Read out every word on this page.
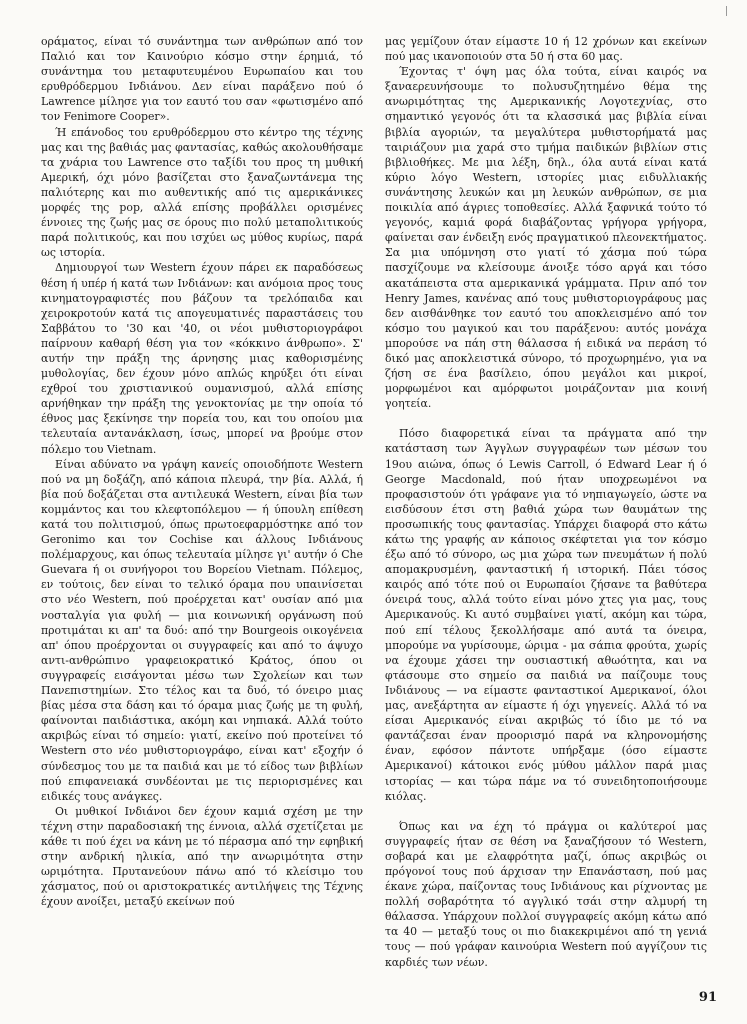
οράματος, είναι τό συνάντημα των ανθρώπων από τον Παλιό και τον Καινούριο κόσμο στην έρημιά, τό συνάντημα του μεταφυτευμένου Ευρωπαίου και του ερυθρόδερμου Ινδιάνου. Δεν είναι παράξενο πού ό Lawrence μίλησε για τον εαυτό του σαν «φωτισμένο από τον Fenimore Cooper».

Ή επάνοδος του ερυθρόδερμου στο κέντρο της τέχνης μας και της βαθιάς μας φαντασίας, καθώς ακολουθήσαμε τα χνάρια του Lawrence στο ταξίδι του προς τη μυθική Αμερική, όχι μόνο βασίζεται στο ξαναζωντάνεμα της παλιότερης και πιο αυθεντικής από τις αμερικάνικες μορφές της pop, αλλά επίσης προβάλλει ορισμένες έννοιες της ζωής μας σε όρους πιο πολύ μεταπολιτικούς παρά πολιτικούς, και που ισχύει ως μύθος κυρίως, παρά ως ιστορία.

Δημιουργοί των Western έχουν πάρει εκ παραδόσεως θέση ή υπέρ ή κατά των Ινδιάνων: και ανόμοια προς τους κινηματογραφιστές που βάζουν τα τρελόπαιδα και χειροκροτούν κατά τις απογευματινές παραστάσεις του Σαββάτου το '30 και '40, οι νέοι μυθιστοριογράφοι παίρνουν καθαρή θέση για τον «κόκκινο άνθρωπο». Σ' αυτήν την πράξη της άρνησης μιας καθορισμένης μυθολογίας, δεν έχουν μόνο απλώς κηρύξει ότι είναι εχθροί του χριστιανικού ουμανισμού, αλλά επίσης αρνήθηκαν την πράξη της γενοκτονίας με την οποία τό έθνος μας ξεκίνησε την πορεία του, και του οποίου μια τελευταία αντανάκλαση, ίσως, μπορεί να βρούμε στον πόλεμο του Vietnam.

Είναι αδύνατο να γράψη κανείς οποιοδήποτε Western πού να μη δοξάζη, από κάποια πλευρά, την βία. Αλλά, ή βία πού δοξάζεται στα αντιλευκά Western, είναι βία των κομμάντος και του κλεφτοπόλεμου — ή ύπουλη επίθεση κατά του πολιτισμού, όπως πρωτοεφαρμόστηκε από τον Geronimo και τον Cochise και άλλους Ινδιάνους πολέμαρχους, και όπως τελευταία μίλησε γι' αυτήν ό Che Guevara ή οι συνήγοροι του Βορείου Vietnam. Πόλεμος, εν τούτοις, δεν είναι το τελικό όραμα που υπαινίσεται στο νέο Western, πού προέρχεται κατ' ουσίαν από μια νοσταλγία για φυλή — μια κοινωνική οργάνωση πού προτιμάται κι απ' τα δυό: από την Bourgeois οικογένεια απ' όπου προέρχονται οι συγγραφείς και από το άψυχο αντι-ανθρώπινο γραφειοκρατικό Κράτος, όπου οι συγγραφείς εισάγονται μέσω των Σχολείων και των Πανεπιστημίων. Στο τέλος και τα δυό, τό όνειρο μιας βίας μέσα στα δάση και τό όραμα μιας ζωής με τη φυλή, φαίνονται παιδιάστικα, ακόμη και νηπιακά. Αλλά τούτο ακριβώς είναι τό σημείο: γιατί, εκείνο πού προτείνει τό Western στο νέο μυθιστοριογράφο, είναι κατ' εξοχήν ό σύνδεσμος του με τα παιδιά και με τό είδος των βιβλίων πού επιφανειακά συνδέονται με τις περιορισμένες και ειδικές τους ανάγκες.

Οι μυθικοί Ινδιάνοι δεν έχουν καμιά σχέση με την τέχνη στην παραδοσιακή της έννοια, αλλά σχετίζεται με κάθε τι πού έχει να κάνη με τό πέρασμα από την εφηβική στην ανδρική ηλικία, από την ανωριμότητα στην ωριμότητα. Πρυτανεύουν πάνω από τό κλείσιμο του χάσματος, πού οι αριστοκρατικές αντιλήψεις της Τέχνης έχουν ανοίξει, μεταξύ εκείνων πού

μας γεμίζουν όταν είμαστε 10 ή 12 χρόνων και εκείνων πού μας ικανοποιούν στα 50 ή στα 60 μας.

Έχοντας τ' όψη μας όλα τούτα, είναι καιρός να ξαναερευνήσουμε το πολυσυζητημένο θέμα της ανωριμότητας της Αμερικανικής Λογοτεχνίας, στο σημαντικό γεγονός ότι τα κλασσικά μας βιβλία είναι βιβλία αγοριών, τα μεγαλύτερα μυθιστορήματά μας ταιριάζουν μια χαρά στο τμήμα παιδικών βιβλίων στις βιβλιοθήκες. Με μια λέξη, δηλ., όλα αυτά είναι κατά κύριο λόγο Western, ιστορίες μιας ειδυλλιακής συνάντησης λευκών και μη λευκών ανθρώπων, σε μια ποικιλία από άγριες τοποθεσίες. Αλλά ξαφνικά τούτο τό γεγονός, καμιά φορά διαβάζοντας γρήγορα γρήγορα, φαίνεται σαν ένδειξη ενός πραγματικού πλεονεκτήματος. Σα μια υπόμνηση στο γιατί τό χάσμα πού τώρα πασχίζουμε να κλείσουμε άνοιξε τόσο αργά και τόσο ακατάπειστα στα αμερικανικά γράμματα. Πριν από τον Henry James, κανένας από τους μυθιστοριογράφους μας δεν αισθάνθηκε τον εαυτό του αποκλεισμένο από τον κόσμο του μαγικού και του παράξενου: αυτός μονάχα μπορούσε να πάη στη θάλασσα ή ειδικά να περάση τό δικό μας αποκλειστικά σύνορο, τό προχωρημένο, για να ζήση σε ένα βασίλειο, όπου μεγάλοι και μικροί, μορφωμένοι και αμόρφωτοι μοιράζονταν μια κοινή γοητεία.

Πόσο διαφορετικά είναι τα πράγματα από την κατάσταση των Άγγλων συγγραφέων των μέσων του 19ου αιώνα, όπως ό Lewis Carroll, ό Edward Lear ή ό George Macdonald, πού ήταν υποχρεωμένοι να προφασιστούν ότι γράφανε για τό νηπιαγωγείο, ώστε να εισδύσουν έτσι στη βαθιά χώρα των θαυμάτων της προσωπικής τους φαντασίας. Υπάρχει διαφορά στο κάτω κάτω της γραφής αν κάποιος σκέφτεται για τον κόσμο έξω από τό σύνορο, ως μια χώρα των πνευμάτων ή πολύ απομακρυσμένη, φανταστική ή ιστορική. Πάει τόσος καιρός από τότε πού οι Ευρωπαίοι ζήσανε τα βαθύτερα όνειρά τους, αλλά τούτο είναι μόνο χτες για μας, τους Αμερικανούς. Κι αυτό συμβαίνει γιατί, ακόμη και τώρα, πού επί τέλους ξεκολλήσαμε από αυτά τα όνειρα, μπορούμε να γυρίσουμε, ώριμα - μα σάπια φρούτα, χωρίς να έχουμε χάσει την ουσιαστική αθωότητα, και να φτάσουμε στο σημείο σα παιδιά να παίζουμε τους Ινδιάνους — να είμαστε φανταστικοί Αμερικανοί, όλοι μας, ανεξάρτητα αν είμαστε ή όχι γηγενείς. Αλλά τό να είσαι Αμερικανός είναι ακριβώς τό ίδιο με τό να φαντάζεσαι έναν προορισμό παρά να κληρονομήσης έναν, εφόσον πάντοτε υπήρξαμε (όσο είμαστε Αμερικανοί) κάτοικοι ενός μύθου μάλλον παρά μιας ιστορίας — και τώρα πάμε να τό συνειδητοποιήσουμε κιόλας.

Όπως και να έχη τό πράγμα οι καλύτεροί μας συγγραφείς ήταν σε θέση να ξαναζήσουν τό Western, σοβαρά και με ελαφρότητα μαζί, όπως ακριβώς οι πρόγονοί τους πού άρχισαν την Επανάσταση, πού μας έκανε χώρα, παίζοντας τους Ινδιάνους και ρίχνοντας με πολλή σοβαρότητα τό αγγλικό τσάι στην αλμυρή τη θάλασσα. Υπάρχουν πολλοί συγγραφείς ακόμη κάτω από τα 40 — μεταξύ τους οι πιο διακεκριμένοι από τη γενιά τους — πού γράφαν καινούρια Western πού αγγίζουν τις καρδιές των νέων.

91
